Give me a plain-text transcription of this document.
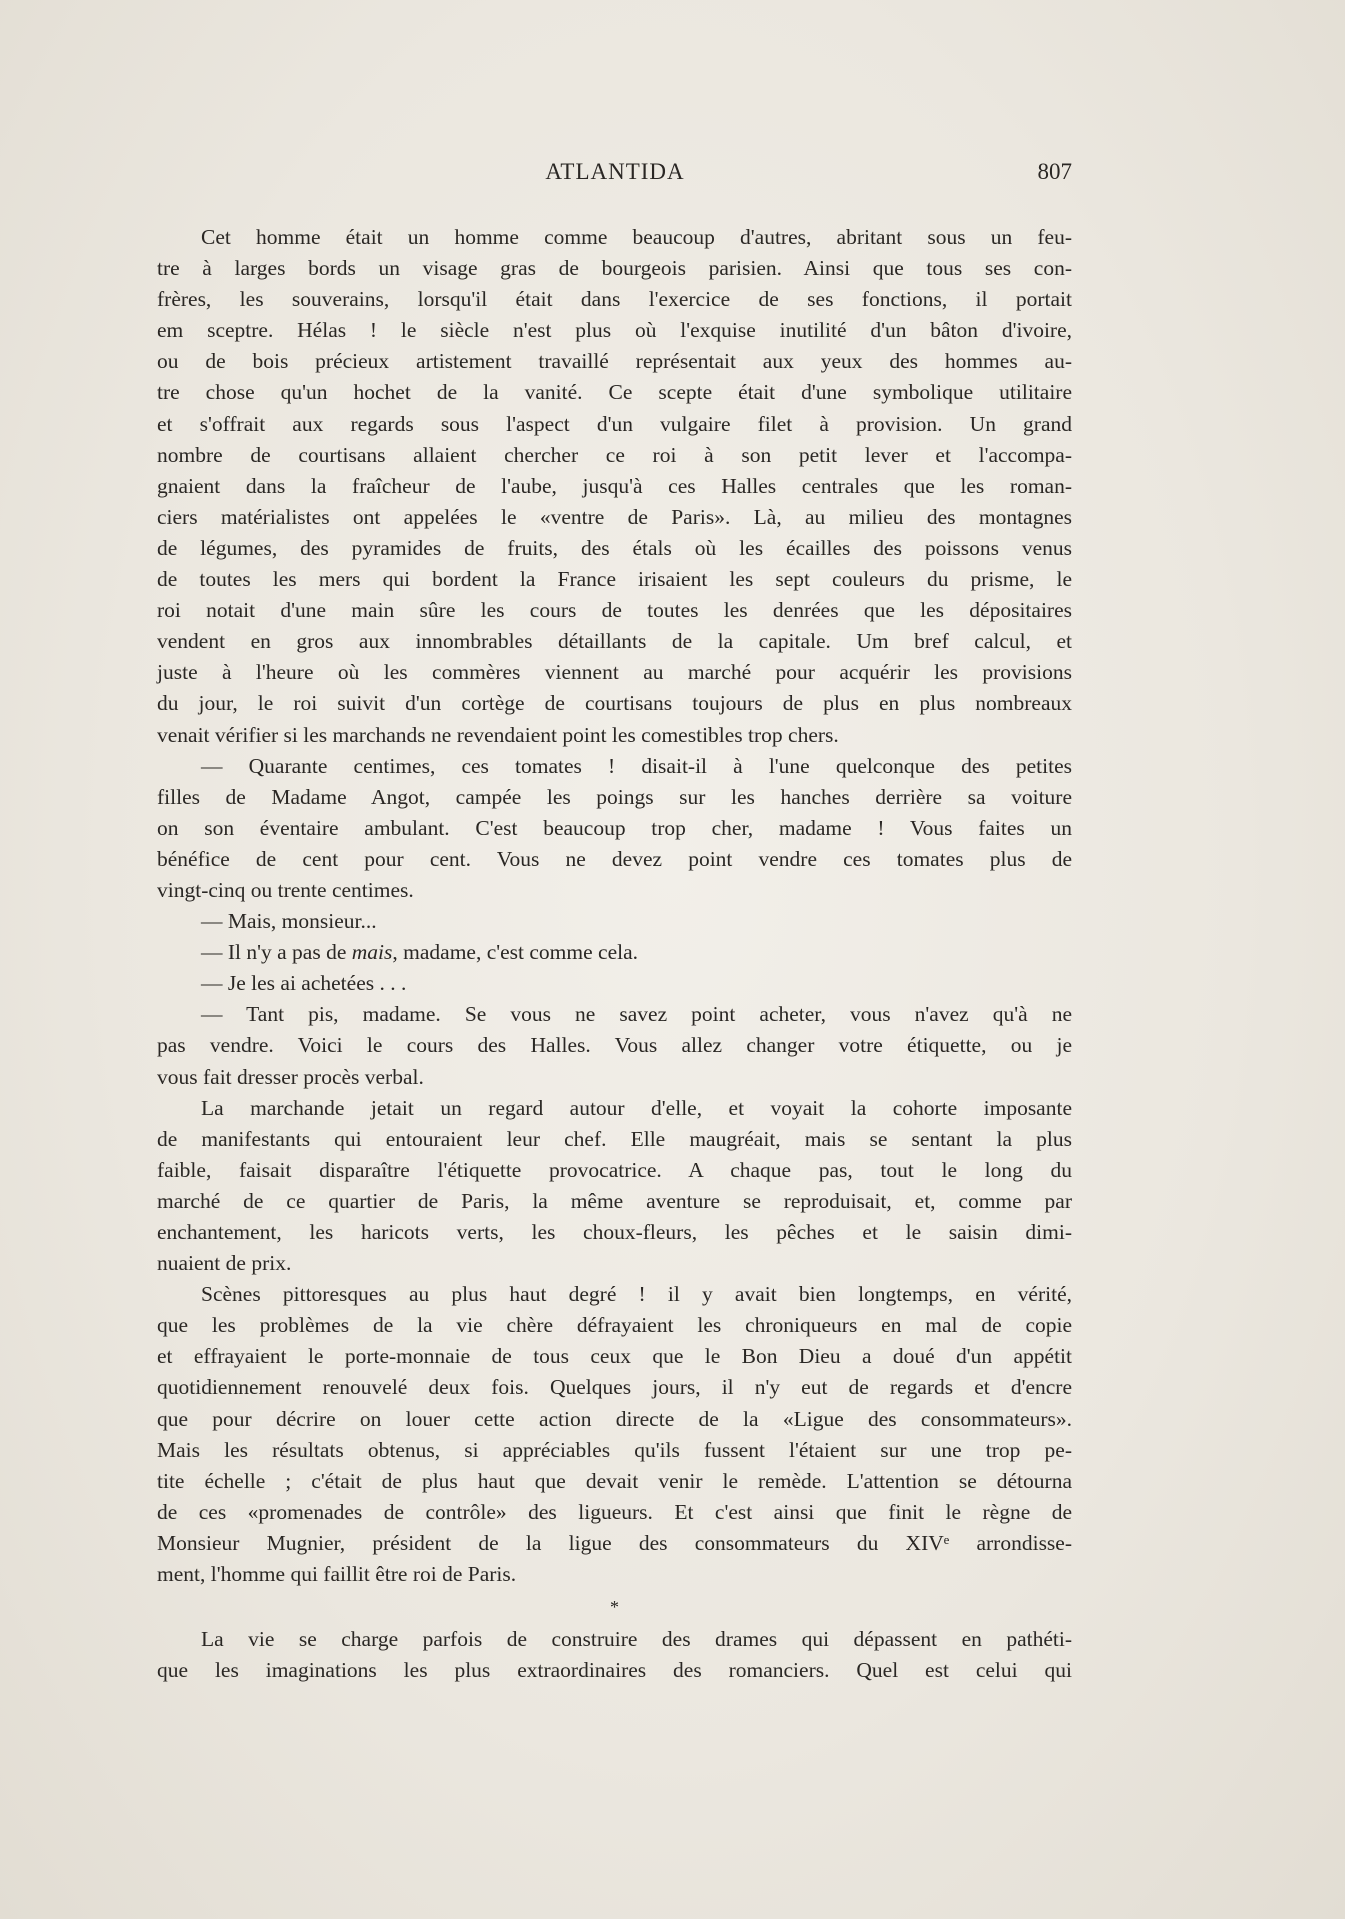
ATLANTIDA	807
Cet homme était un homme comme beaucoup d'autres, abritant sous un feu-
tre à larges bords un visage gras de bourgeois parisien. Ainsi que tous ses con-
frères, les souverains, lorsqu'il était dans l'exercice de ses fonctions, il portait
em sceptre. Hélas ! le siècle n'est plus où l'exquise inutilité d'un bâton d'ivoire,
ou de bois précieux artistement travaillé représentait aux yeux des hommes au-
tre chose qu'un hochet de la vanité. Ce scepte était d'une symbolique utilitaire
et s'offrait aux regards sous l'aspect d'un vulgaire filet à provision. Un grand
nombre de courtisans allaient chercher ce roi à son petit lever et l'accompa-
gnaient dans la fraîcheur de l'aube, jusqu'à ces Halles centrales que les roman-
ciers matérialistes ont appelées le «ventre de Paris». Là, au milieu des montagnes
de légumes, des pyramides de fruits, des étals où les écailles des poissons venus
de toutes les mers qui bordent la France irisaient les sept couleurs du prisme, le
roi notait d'une main sûre les cours de toutes les denrées que les dépositaires
vendent en gros aux innombrables détaillants de la capitale. Um bref calcul, et
juste à l'heure où les commères viennent au marché pour acquérir les provisions
du jour, le roi suivit d'un cortège de courtisans toujours de plus en plus nombreaux
venait vérifier si les marchands ne revendaient point les comestibles trop chers.
— Quarante centimes, ces tomates ! disait-il à l'une quelconque des petites
filles de Madame Angot, campée les poings sur les hanches derrière sa voiture
on son éventaire ambulant. C'est beaucoup trop cher, madame ! Vous faites un
bénéfice de cent pour cent. Vous ne devez point vendre ces tomates plus de
vingt-cinq ou trente centimes.
— Mais, monsieur...
— Il n'y a pas de mais, madame, c'est comme cela.
— Je les ai achetées . . .
— Tant pis, madame. Se vous ne savez point acheter, vous n'avez qu'à ne
pas vendre. Voici le cours des Halles. Vous allez changer votre étiquette, ou je
vous fait dresser procès verbal.
La marchande jetait un regard autour d'elle, et voyait la cohorte imposante
de manifestants qui entouraient leur chef. Elle maugréait, mais se sentant la plus
faible, faisait disparaître l'étiquette provocatrice. A chaque pas, tout le long du
marché de ce quartier de Paris, la même aventure se reproduisait, et, comme par
enchantement, les haricots verts, les choux-fleurs, les pêches et le saisin dimi-
nuaient de prix.
Scènes pittoresques au plus haut degré ! il y avait bien longtemps, en vérité,
que les problèmes de la vie chère défrayaient les chroniqueurs en mal de copie
et effrayaient le porte-monnaie de tous ceux que le Bon Dieu a doué d'un appétit
quotidiennement renouvelé deux fois. Quelques jours, il n'y eut de regards et d'encre
que pour décrire on louer cette action directe de la «Ligue des consommateurs».
Mais les résultats obtenus, si appréciables qu'ils fussent l'étaient sur une trop pe-
tite échelle ; c'était de plus haut que devait venir le remède. L'attention se détourna
de ces «promenades de contrôle» des ligueurs. Et c'est ainsi que finit le règne de
Monsieur Mugnier, président de la ligue des consommateurs du XIVᵉ arrondisse-
ment, l'homme qui faillit être roi de Paris.
*
La vie se charge parfois de construire des drames qui dépassent en pathéti-
que les imaginations les plus extraordinaires des romanciers. Quel est celui qui
